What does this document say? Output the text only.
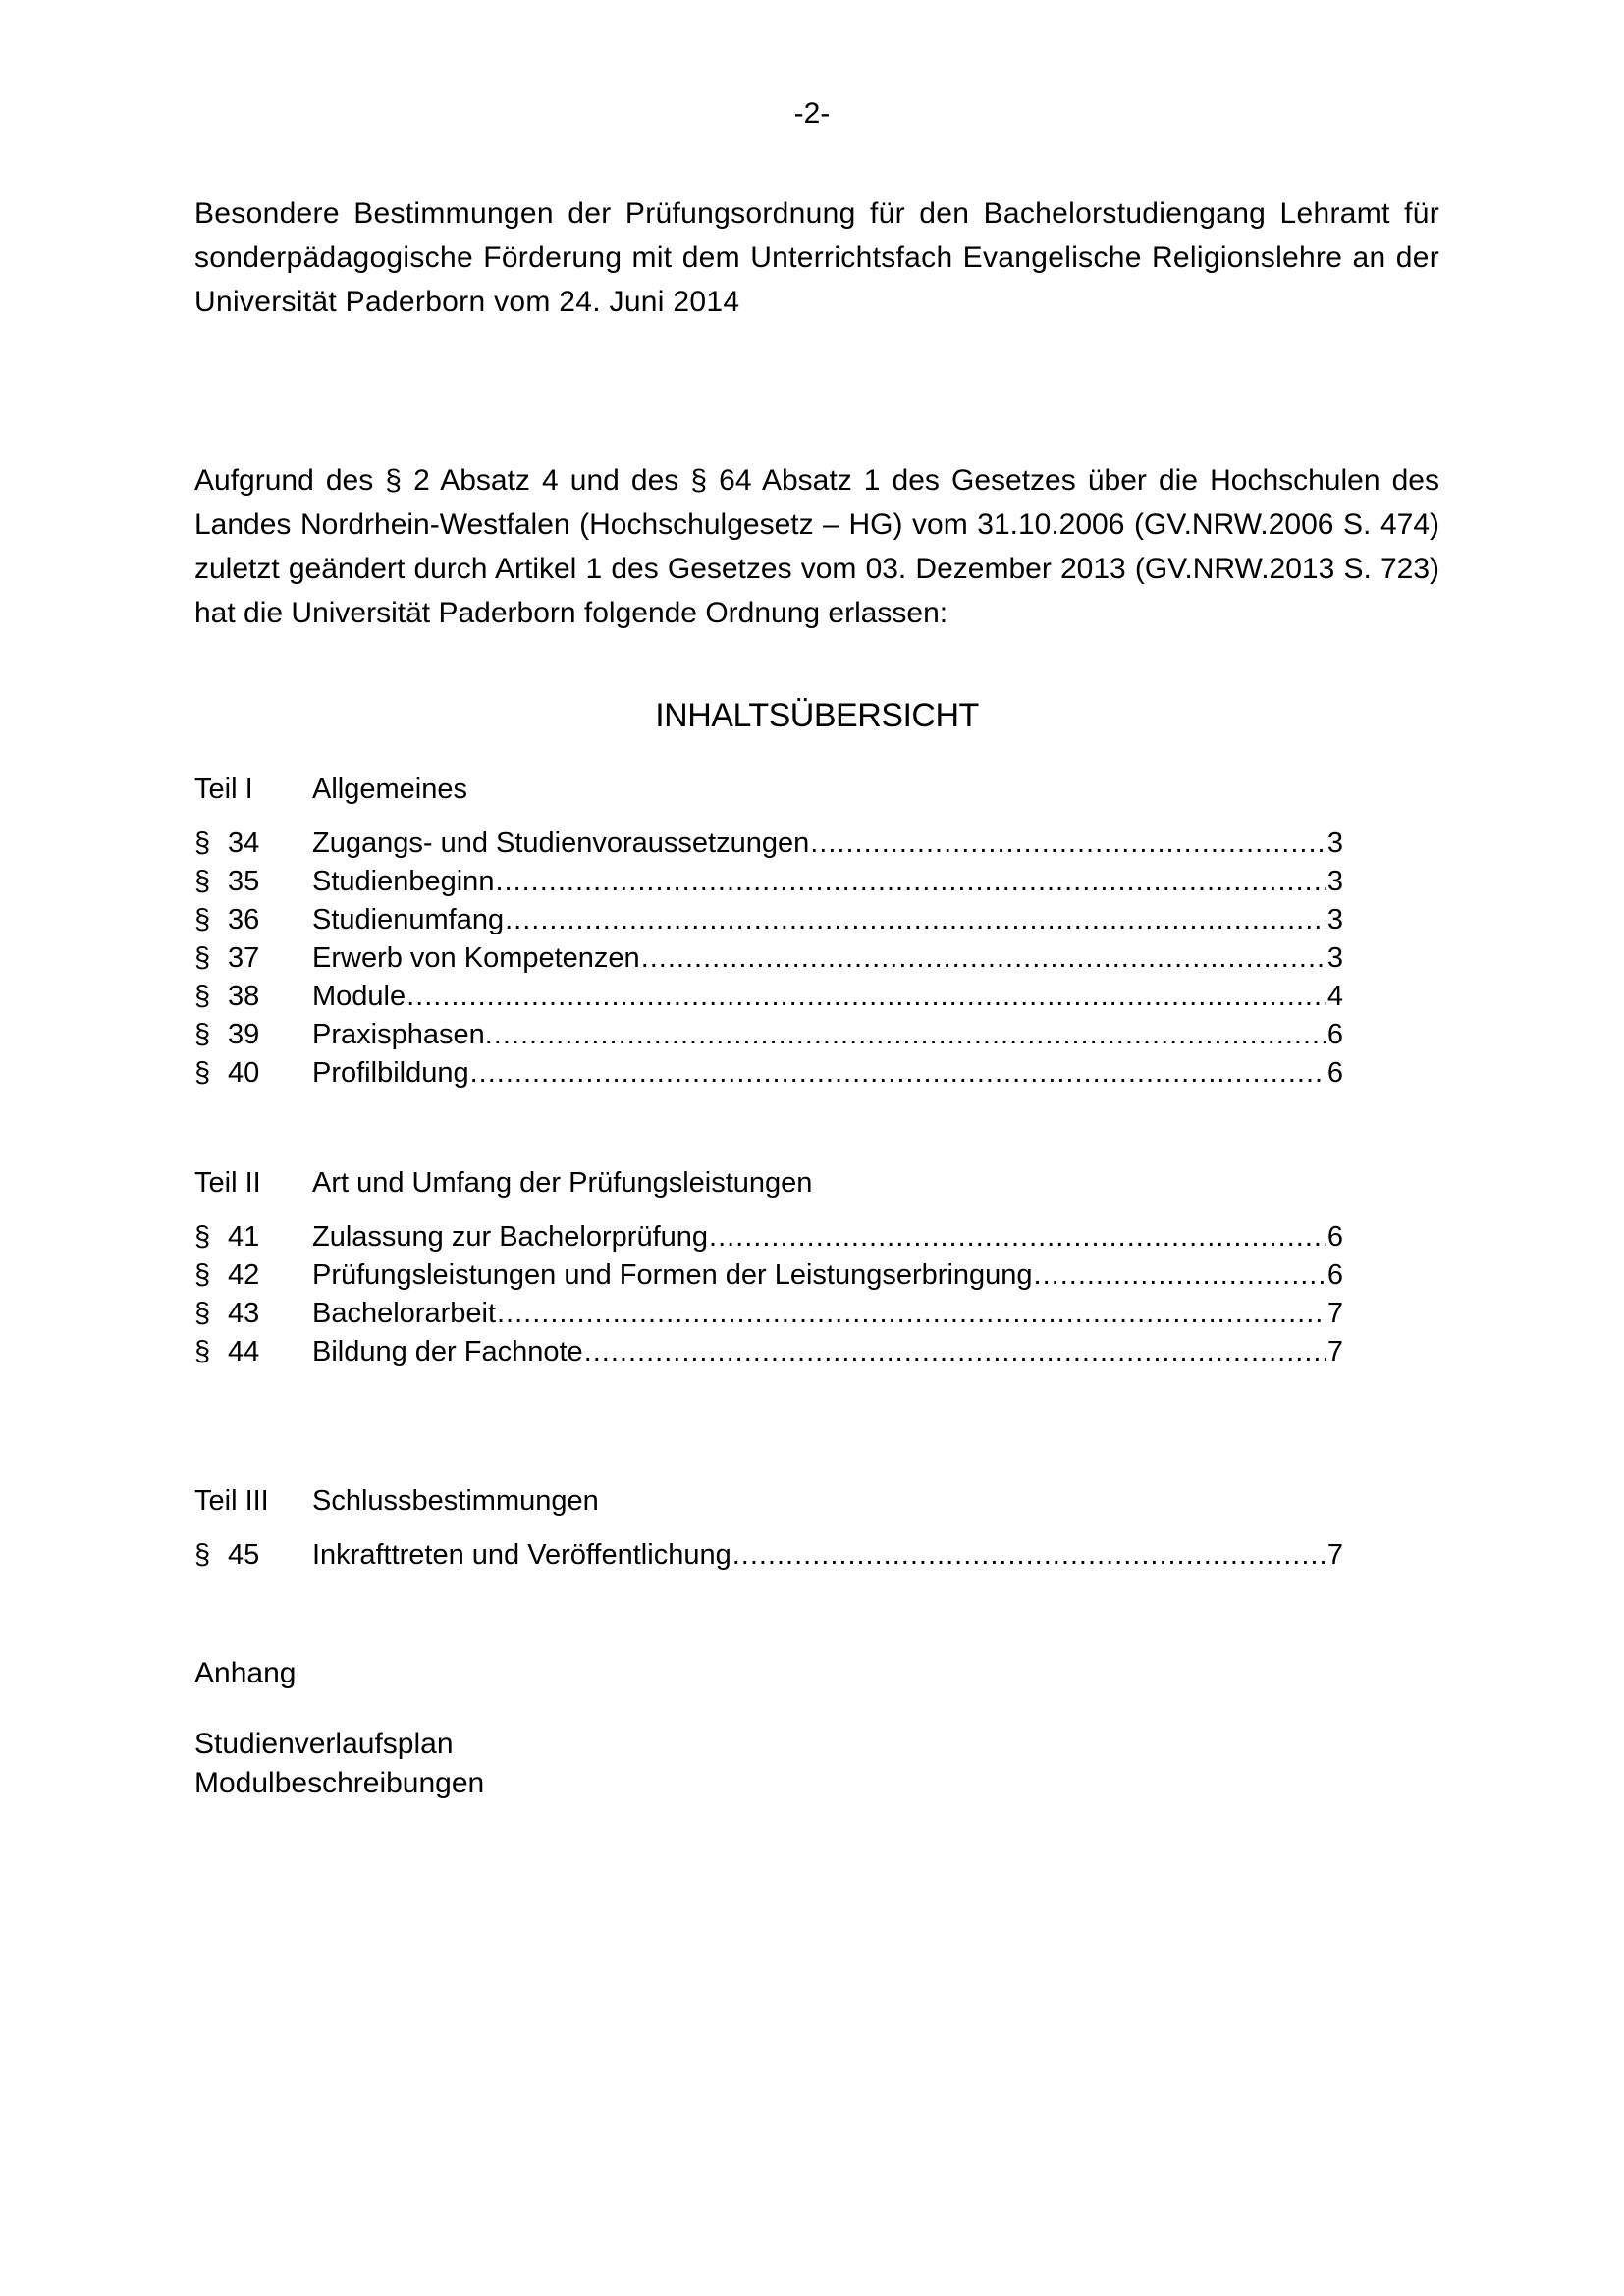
-2-
Besondere Bestimmungen der Prüfungsordnung für den Bachelorstudiengang Lehramt für sonderpädagogische Förderung mit dem Unterrichtsfach Evangelische Religionslehre an der Universität Paderborn vom 24. Juni 2014
Aufgrund des § 2 Absatz 4 und des § 64 Absatz 1 des Gesetzes über die Hochschulen des Landes Nordrhein-Westfalen (Hochschulgesetz – HG) vom 31.10.2006 (GV.NRW.2006 S. 474) zuletzt geändert durch Artikel 1 des Gesetzes vom 03. Dezember 2013 (GV.NRW.2013 S. 723) hat die Universität Paderborn folgende Ordnung erlassen:
INHALTSÜBERSICHT
Teil I	Allgemeines
§ 34	Zugangs- und Studienvoraussetzungen .....	3
§ 35	Studienbeginn .....	3
§ 36	Studienumfang .....	3
§ 37	Erwerb von Kompetenzen .....	3
§ 38	Module .....	4
§ 39	Praxisphasen. .....	6
§ 40	Profilbildung .....	6
Teil II	Art und Umfang der Prüfungsleistungen
§ 41	Zulassung zur Bachelorprüfung .....	6
§ 42	Prüfungsleistungen und Formen der Leistungserbringung .....	6
§ 43	Bachelorarbeit .....	7
§ 44	Bildung der Fachnote .....	7
Teil III	Schlussbestimmungen
§ 45	Inkrafttreten und Veröffentlichung .....	7
Anhang
Studienverlaufsplan
Modulbeschreibungen
